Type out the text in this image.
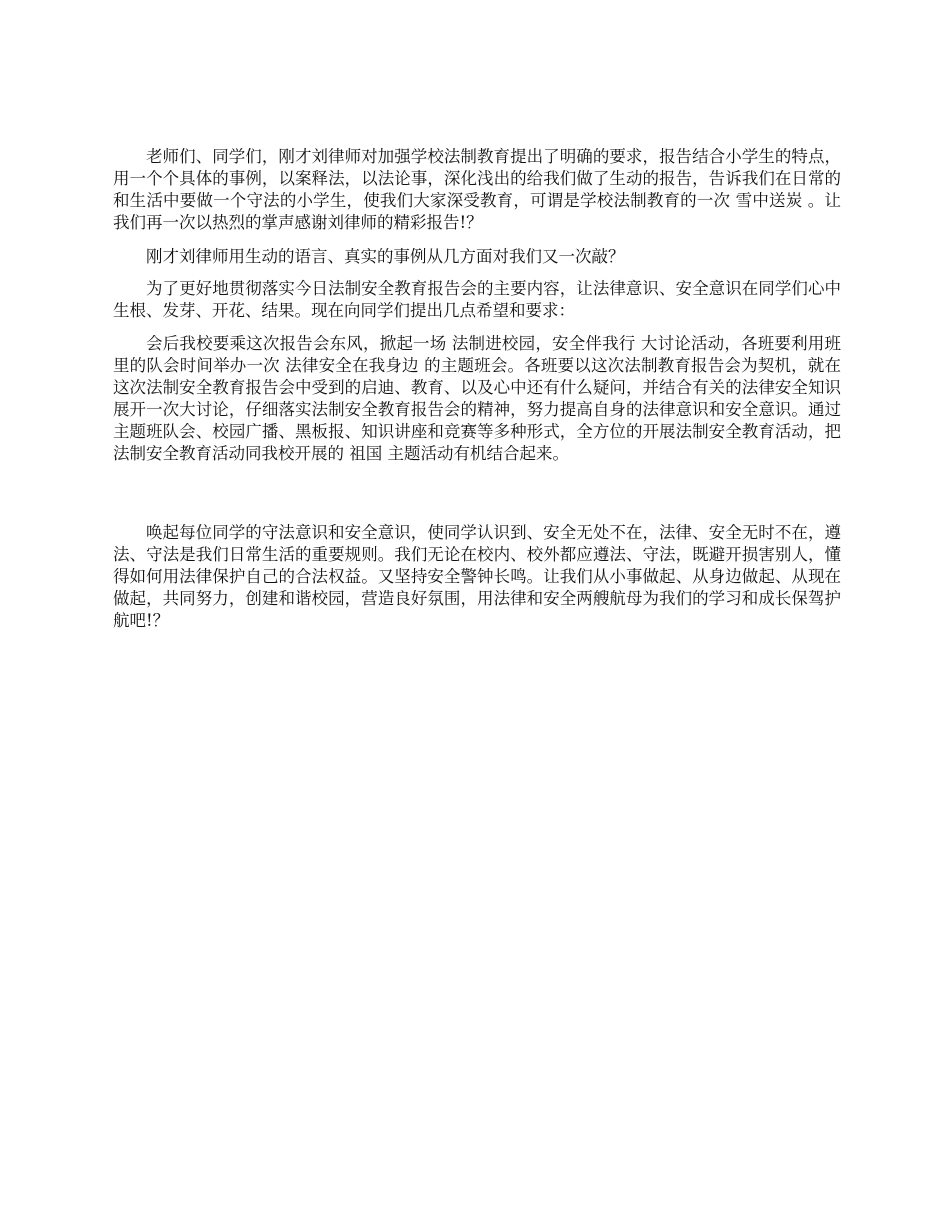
老师们、同学们，刚才刘律师对加强学校法制教育提出了明确的要求，报告结合小学生的特点，用一个个具体的事例，以案释法，以法论事，深化浅出的给我们做了生动的报告，告诉我们在日常的和生活中要做一个守法的小学生，使我们大家深受教育，可谓是学校法制教育的一次 雪中送炭 。让我们再一次以热烈的掌声感谢刘律师的精彩报告!？

刚才刘律师用生动的语言、真实的事例从几方面对我们又一次敲？

为了更好地贯彻落实今日法制安全教育报告会的主要内容，让法律意识、安全意识在同学们心中生根、发芽、开花、结果。现在向同学们提出几点希望和要求：

会后我校要乘这次报告会东风，掀起一场 法制进校园，安全伴我行 大讨论活动，各班要利用班里的队会时间举办一次 法律安全在我身边 的主题班会。各班要以这次法制教育报告会为契机，就在这次法制安全教育报告会中受到的启迪、教育、以及心中还有什么疑问，并结合有关的法律安全知识展开一次大讨论，仔细落实法制安全教育报告会的精神，努力提高自身的法律意识和安全意识。通过主题班队会、校园广播、黑板报、知识讲座和竞赛等多种形式，全方位的开展法制安全教育活动，把法制安全教育活动同我校开展的 祖国 主题活动有机结合起来。

唤起每位同学的守法意识和安全意识，使同学认识到、安全无处不在，法律、安全无时不在，遵法、守法是我们日常生活的重要规则。我们无论在校内、校外都应遵法、守法，既避开损害别人，懂得如何用法律保护自己的合法权益。又坚持安全警钟长鸣。让我们从小事做起、从身边做起、从现在做起，共同努力，创建和谐校园，营造良好氛围，用法律和安全两艘航母为我们的学习和成长保驾护航吧!？
